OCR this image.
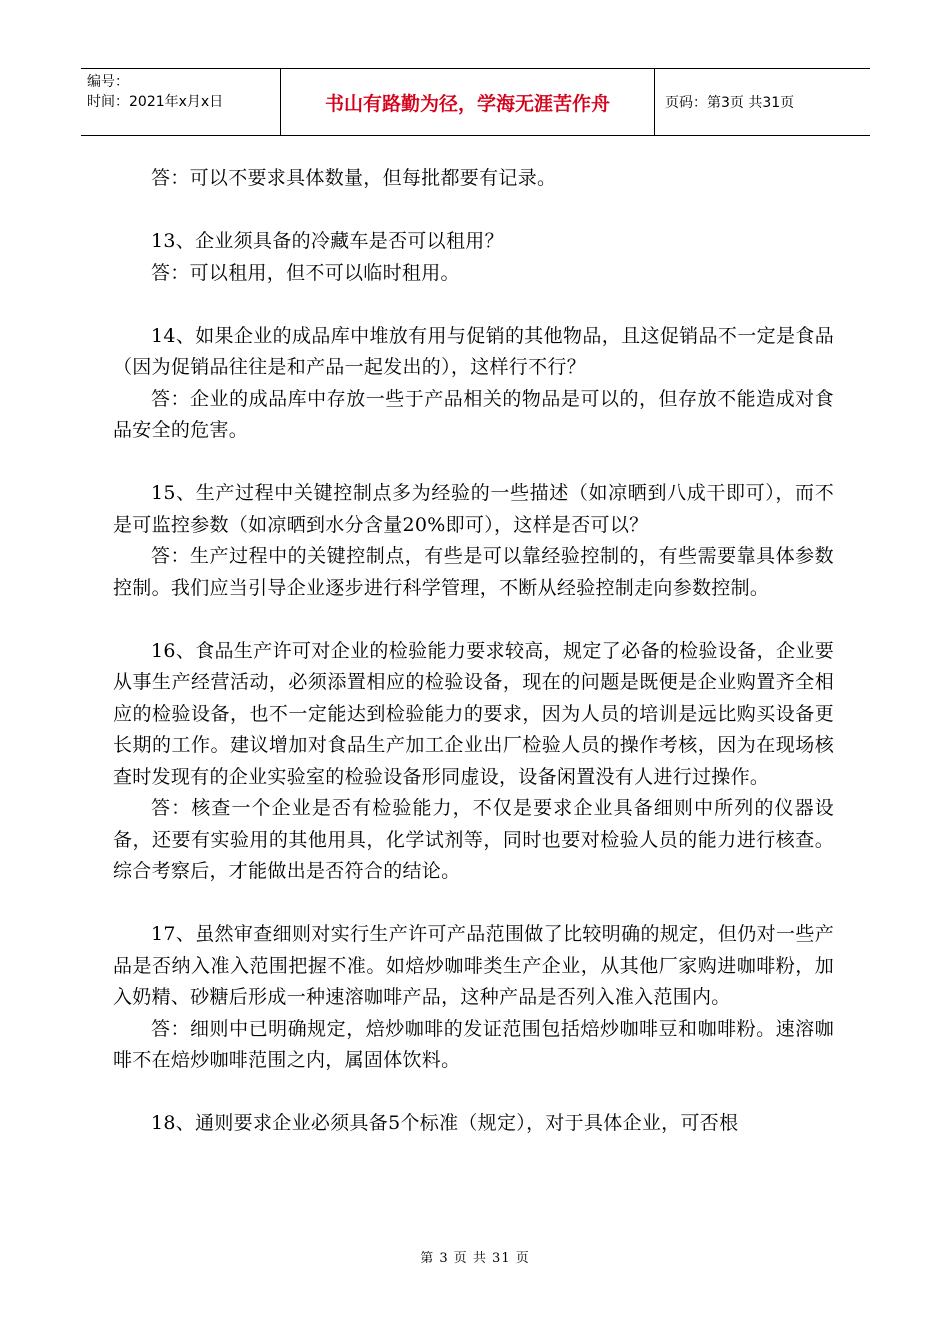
编号：
时间：2021年x月x日	书山有路勤为径，学海无涯苦作舟	页码：第3页 共31页

答：可以不要求具体数量，但每批都要有记录。

13、企业须具备的冷藏车是否可以租用？

答：可以租用，但不可以临时租用。

14、如果企业的成品库中堆放有用与促销的其他物品，且这促销品不一定是食品（因为促销品往往是和产品一起发出的），这样行不行？

答：企业的成品库中存放一些于产品相关的物品是可以的，但存放不能造成对食品安全的危害。

15、生产过程中关键控制点多为经验的一些描述（如凉晒到八成干即可），而不是可监控参数（如凉晒到水分含量20%即可），这样是否可以？

答：生产过程中的关键控制点，有些是可以靠经验控制的，有些需要靠具体参数控制。我们应当引导企业逐步进行科学管理，不断从经验控制走向参数控制。

16、食品生产许可对企业的检验能力要求较高，规定了必备的检验设备，企业要从事生产经营活动，必须添置相应的检验设备，现在的问题是既便是企业购置齐全相应的检验设备，也不一定能达到检验能力的要求，因为人员的培训是远比购买设备更长期的工作。建议增加对食品生产加工企业出厂检验人员的操作考核，因为在现场核查时发现有的企业实验室的检验设备形同虚设，设备闲置没有人进行过操作。

答：核查一个企业是否有检验能力，不仅是要求企业具备细则中所列的仪器设备，还要有实验用的其他用具，化学试剂等，同时也要对检验人员的能力进行核查。综合考察后，才能做出是否符合的结论。

17、虽然审查细则对实行生产许可产品范围做了比较明确的规定，但仍对一些产品是否纳入准入范围把握不准。如焙炒咖啡类生产企业，从其他厂家购进咖啡粉，加入奶精、砂糖后形成一种速溶咖啡产品，这种产品是否列入准入范围内。

答：细则中已明确规定，焙炒咖啡的发证范围包括焙炒咖啡豆和咖啡粉。速溶咖啡不在焙炒咖啡范围之内，属固体饮料。

18、通则要求企业必须具备5个标准（规定），对于具体企业，可否根

第 3 页 共 31 页
